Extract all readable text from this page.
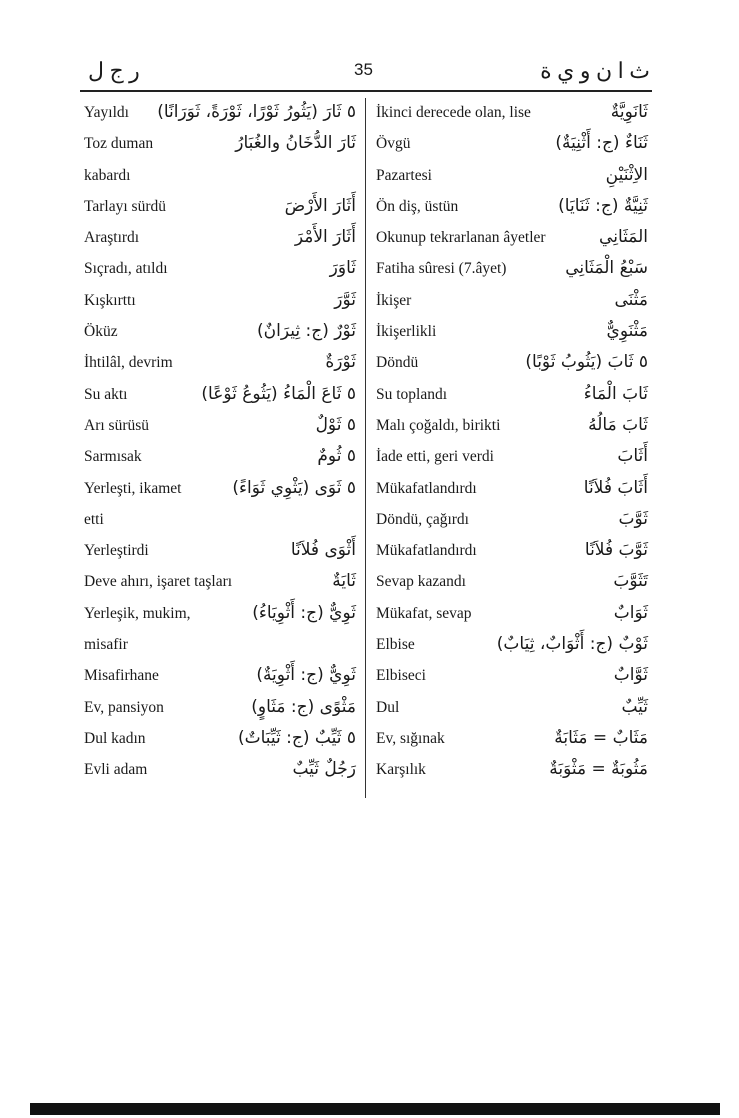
ر ج ل	35	ث ا ن و ي ة
Yayıldı ٥ ثَارَ (يَثُورُ ثَوْرًا، ثَوْرَةً، ثَوَرَانًا)
Toz duman	ثَارَ الدُّخَانُ والغُبَارُ
kabardı
Tarlayı sürdü	أَثَارَ الأَرْضَ
Araştırdı	أَثَارَ الأَمْرَ
Sıçradı, atıldı	ثَاوَرَ
Kışkırttı	ثَوَّرَ
Öküz	ثَوْرٌ (ج: ثِيرَانٌ)
İhtilâl, devrim	ثَوْرَةٌ
Su aktı	٥ ثَاعَ الْمَاءُ (يَثُوعُ ثَوْعًا)
Arı sürüsü	٥ ثَوْلٌ
Sarmısak	٥ ثُومٌ
Yerleşti, ikamet	٥ ثَوَى (يَثْوِي ثَوَاءً)
etti
Yerleştirdi	أَثْوَى فُلاَنًا
Deve ahırı, işaret taşları	ثَايَةٌ
Yerleşik, mukim,	ثَوِيٌّ (ج: أَثْوِيَاءُ)
misafir
Misafirhane	ثَوِيٌّ (ج: أَثْوِيَةٌ)
Ev, pansiyon	مَثْوًى (ج: مَثَاوٍ)
Dul kadın	٥ ثَيِّبٌ (ج: ثَيِّبَاتٌ)
Evli adam	رَجُلٌ ثَيِّبٌ
İkinci derecede olan, lise	ثَانَوِيَّةٌ
Övgü	ثَنَاءٌ (ج: أَثْنِيَةٌ)
Pazartesi	الاِثْنَيْنِ
Ön diş, üstün	ثَنِيَّةٌ (ج: ثَنَايَا)
Okunup tekrarlanan âyetler	المَثَانِي
Fatiha sûresi (7.âyet)	سَبْعُ الْمَثَانِي
İkişer	مَثْنَى
İkişerlikli	مَثْنَوِيٌّ
Döndü	٥ ثَابَ (يَثُوبُ ثَوْبًا)
Su toplandı	ثَابَ الْمَاءُ
Malı çoğaldı, birikti	ثَابَ مَالُهُ
İade etti, geri verdi	أَثَابَ
Mükafatlandırdı	أَثَابَ فُلاَنًا
Döndü, çağırdı	ثَوَّبَ
Mükafatlandırdı	ثَوَّبَ فُلاَنًا
Sevap kazandı	تَثَوَّبَ
Mükafat, sevap	ثَوَابٌ
Elbise	ثَوْبٌ (ج: أَثْوَابٌ، ثِيَابٌ)
Elbiseci	ثَوَّابٌ
Dul	ثَيِّبٌ
Ev, sığınak	مَثَابٌ = مَثَابَةٌ
Karşılık	مَثُوبَةٌ = مَثْوَبَةٌ
